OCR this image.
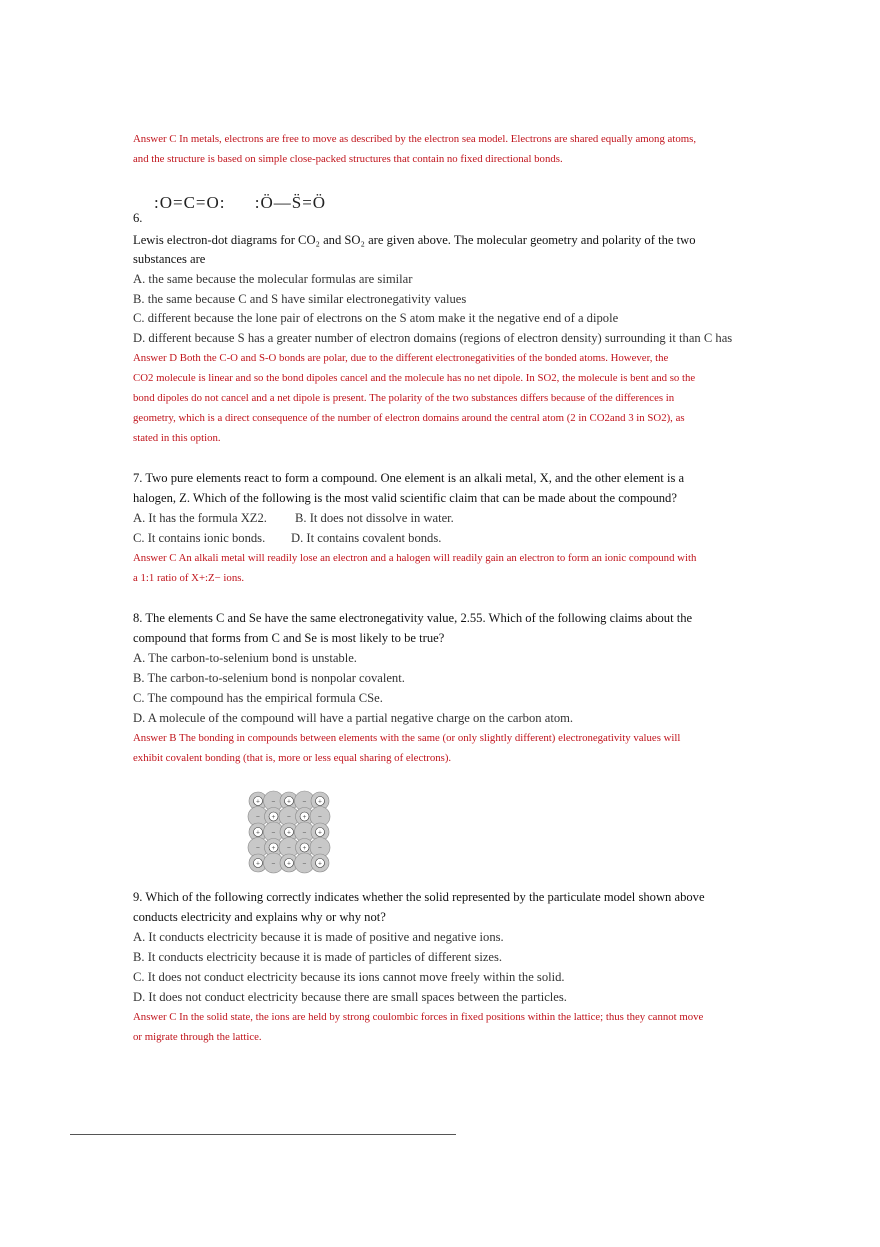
Answer C In metals, electrons are free to move as described by the electron sea model. Electrons are shared equally among atoms,
and the structure is based on simple close-packed structures that contain no fixed directional bonds.
:O=C=O: :Ö—S̈=Ö
6.
Lewis electron-dot diagrams for CO₂ and SO₂ are given above. The molecular geometry and polarity of the two
substances are
A. the same because the molecular formulas are similar
B. the same because C and S have similar electronegativity values
C. different because the lone pair of electrons on the S atom make it the negative end of a dipole
D. different because S has a greater number of electron domains (regions of electron density) surrounding it than C has
Answer D Both the C-O and S-O bonds are polar, due to the different electronegativities of the bonded atoms. However, the
CO2 molecule is linear and so the bond dipoles cancel and the molecule has no net dipole. In SO2, the molecule is bent and so the
bond dipoles do not cancel and a net dipole is present. The polarity of the two substances differs because of the differences in
geometry, which is a direct consequence of the number of electron domains around the central atom (2 in CO2and 3 in SO2), as
stated in this option.
7. Two pure elements react to form a compound. One element is an alkali metal, X, and the other element is a
halogen, Z. Which of the following is the most valid scientific claim that can be made about the compound?
A. It has the formula XZ2. B. It does not dissolve in water.
C. It contains ionic bonds. D. It contains covalent bonds.
Answer C An alkali metal will readily lose an electron and a halogen will readily gain an electron to form an ionic compound with
a 1:1 ratio of X+:Z− ions.
8. The elements C and Se have the same electronegativity value, 2.55. Which of the following claims about the
compound that forms from C and Se is most likely to be true?
A. The carbon-to-selenium bond is unstable.
B. The carbon-to-selenium bond is nonpolar covalent.
C. The compound has the empirical formula CSe.
D. A molecule of the compound will have a partial negative charge on the carbon atom.
Answer B The bonding in compounds between elements with the same (or only slightly different) electronegativity values will
exhibit covalent bonding (that is, more or less equal sharing of electrons).
+ − + − +
− + − + −
+ − + − +
− + − + −
+ − + − +
9. Which of the following correctly indicates whether the solid represented by the particulate model shown above
conducts electricity and explains why or why not?
A. It conducts electricity because it is made of positive and negative ions.
B. It conducts electricity because it is made of particles of different sizes.
C. It does not conduct electricity because its ions cannot move freely within the solid.
D. It does not conduct electricity because there are small spaces between the particles.
Answer C In the solid state, the ions are held by strong coulombic forces in fixed positions within the lattice; thus they cannot move
or migrate through the lattice.
